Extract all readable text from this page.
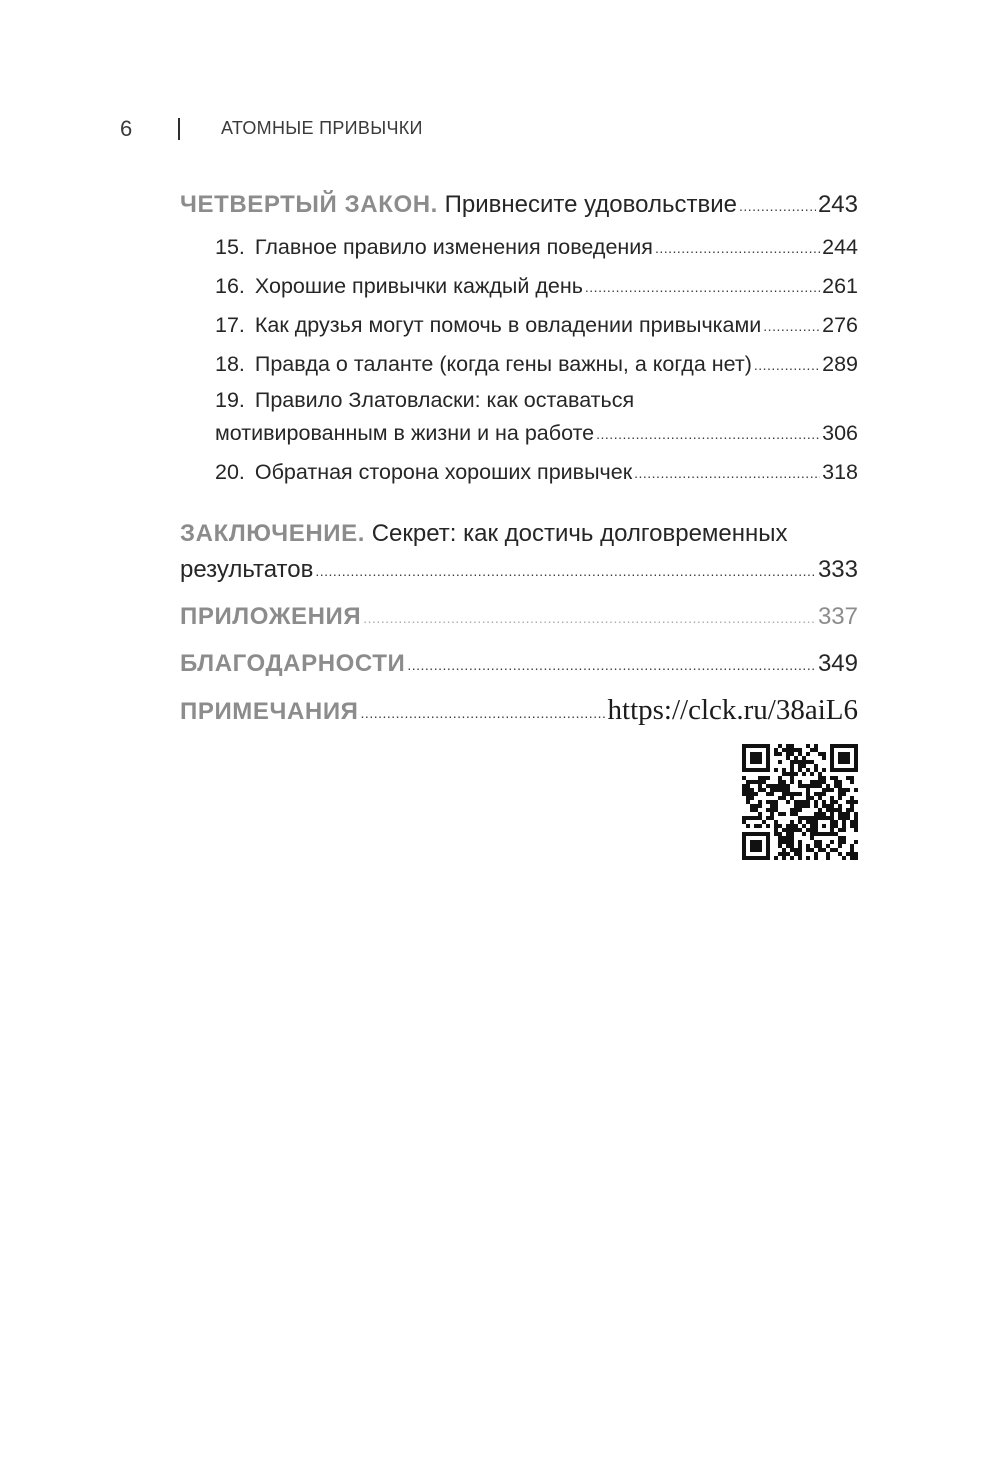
6	АТОМНЫЕ ПРИВЫЧКИ
ЧЕТВЕРТЫЙ ЗАКОН. Привнесите удовольствие .....	243
15. Главное правило изменения поведения .....	244
16. Хорошие привычки каждый день .....	261
17. Как друзья могут помочь в овладении привычками .....	276
18. Правда о таланте (когда гены важны, а когда нет) .....	289
19. Правило Златовласки: как оставаться
мотивированным в жизни и на работе .....	306
20. Обратная сторона хороших привычек .....	318
ЗАКЛЮЧЕНИЕ. Секрет: как достичь долговременных
результатов .....	333
ПРИЛОЖЕНИЯ .....	337
БЛАГОДАРНОСТИ .....	349
ПРИМЕЧАНИЯ .....	https://clck.ru/38aiL6
